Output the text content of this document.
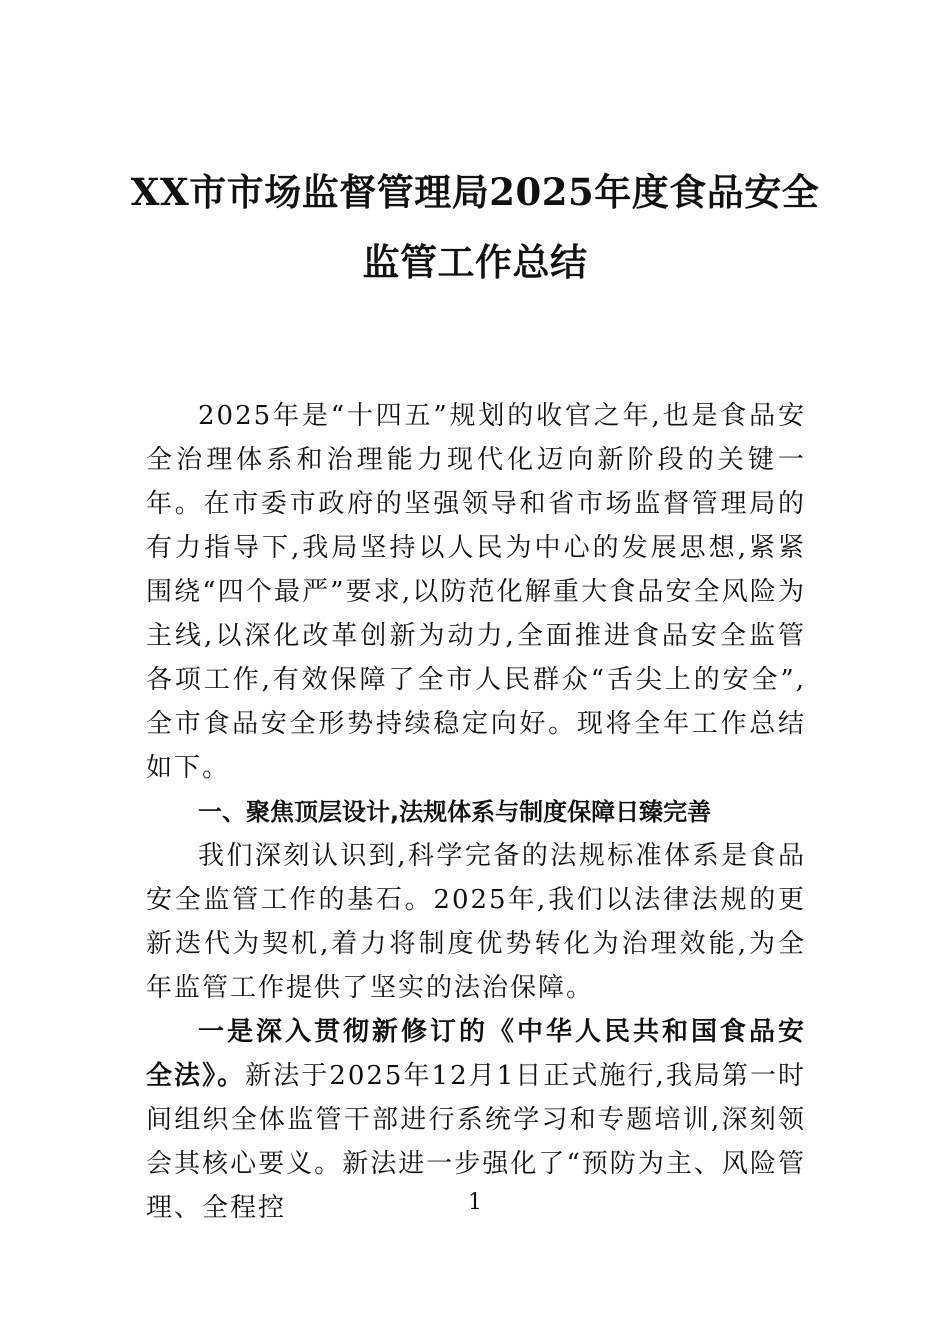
XX市市场监督管理局2025年度食品安全
监管工作总结

2025年是“十四五”规划的收官之年,也是食品安全治理体系和治理能力现代化迈向新阶段的关键一年。在市委市政府的坚强领导和省市场监督管理局的有力指导下,我局坚持以人民为中心的发展思想,紧紧围绕“四个最严”要求,以防范化解重大食品安全风险为主线,以深化改革创新为动力,全面推进食品安全监管各项工作,有效保障了全市人民群众“舌尖上的安全”,全市食品安全形势持续稳定向好。现将全年工作总结如下。

一、聚焦顶层设计,法规体系与制度保障日臻完善

我们深刻认识到,科学完备的法规标准体系是食品安全监管工作的基石。2025年,我们以法律法规的更新迭代为契机,着力将制度优势转化为治理效能,为全年监管工作提供了坚实的法治保障。

一是深入贯彻新修订的《中华人民共和国食品安全法》。新法于2025年12月1日正式施行,我局第一时间组织全体监管干部进行系统学习和专题培训,深刻领会其核心要义。新法进一步强化了“预防为主、风险管理、全程控	1
